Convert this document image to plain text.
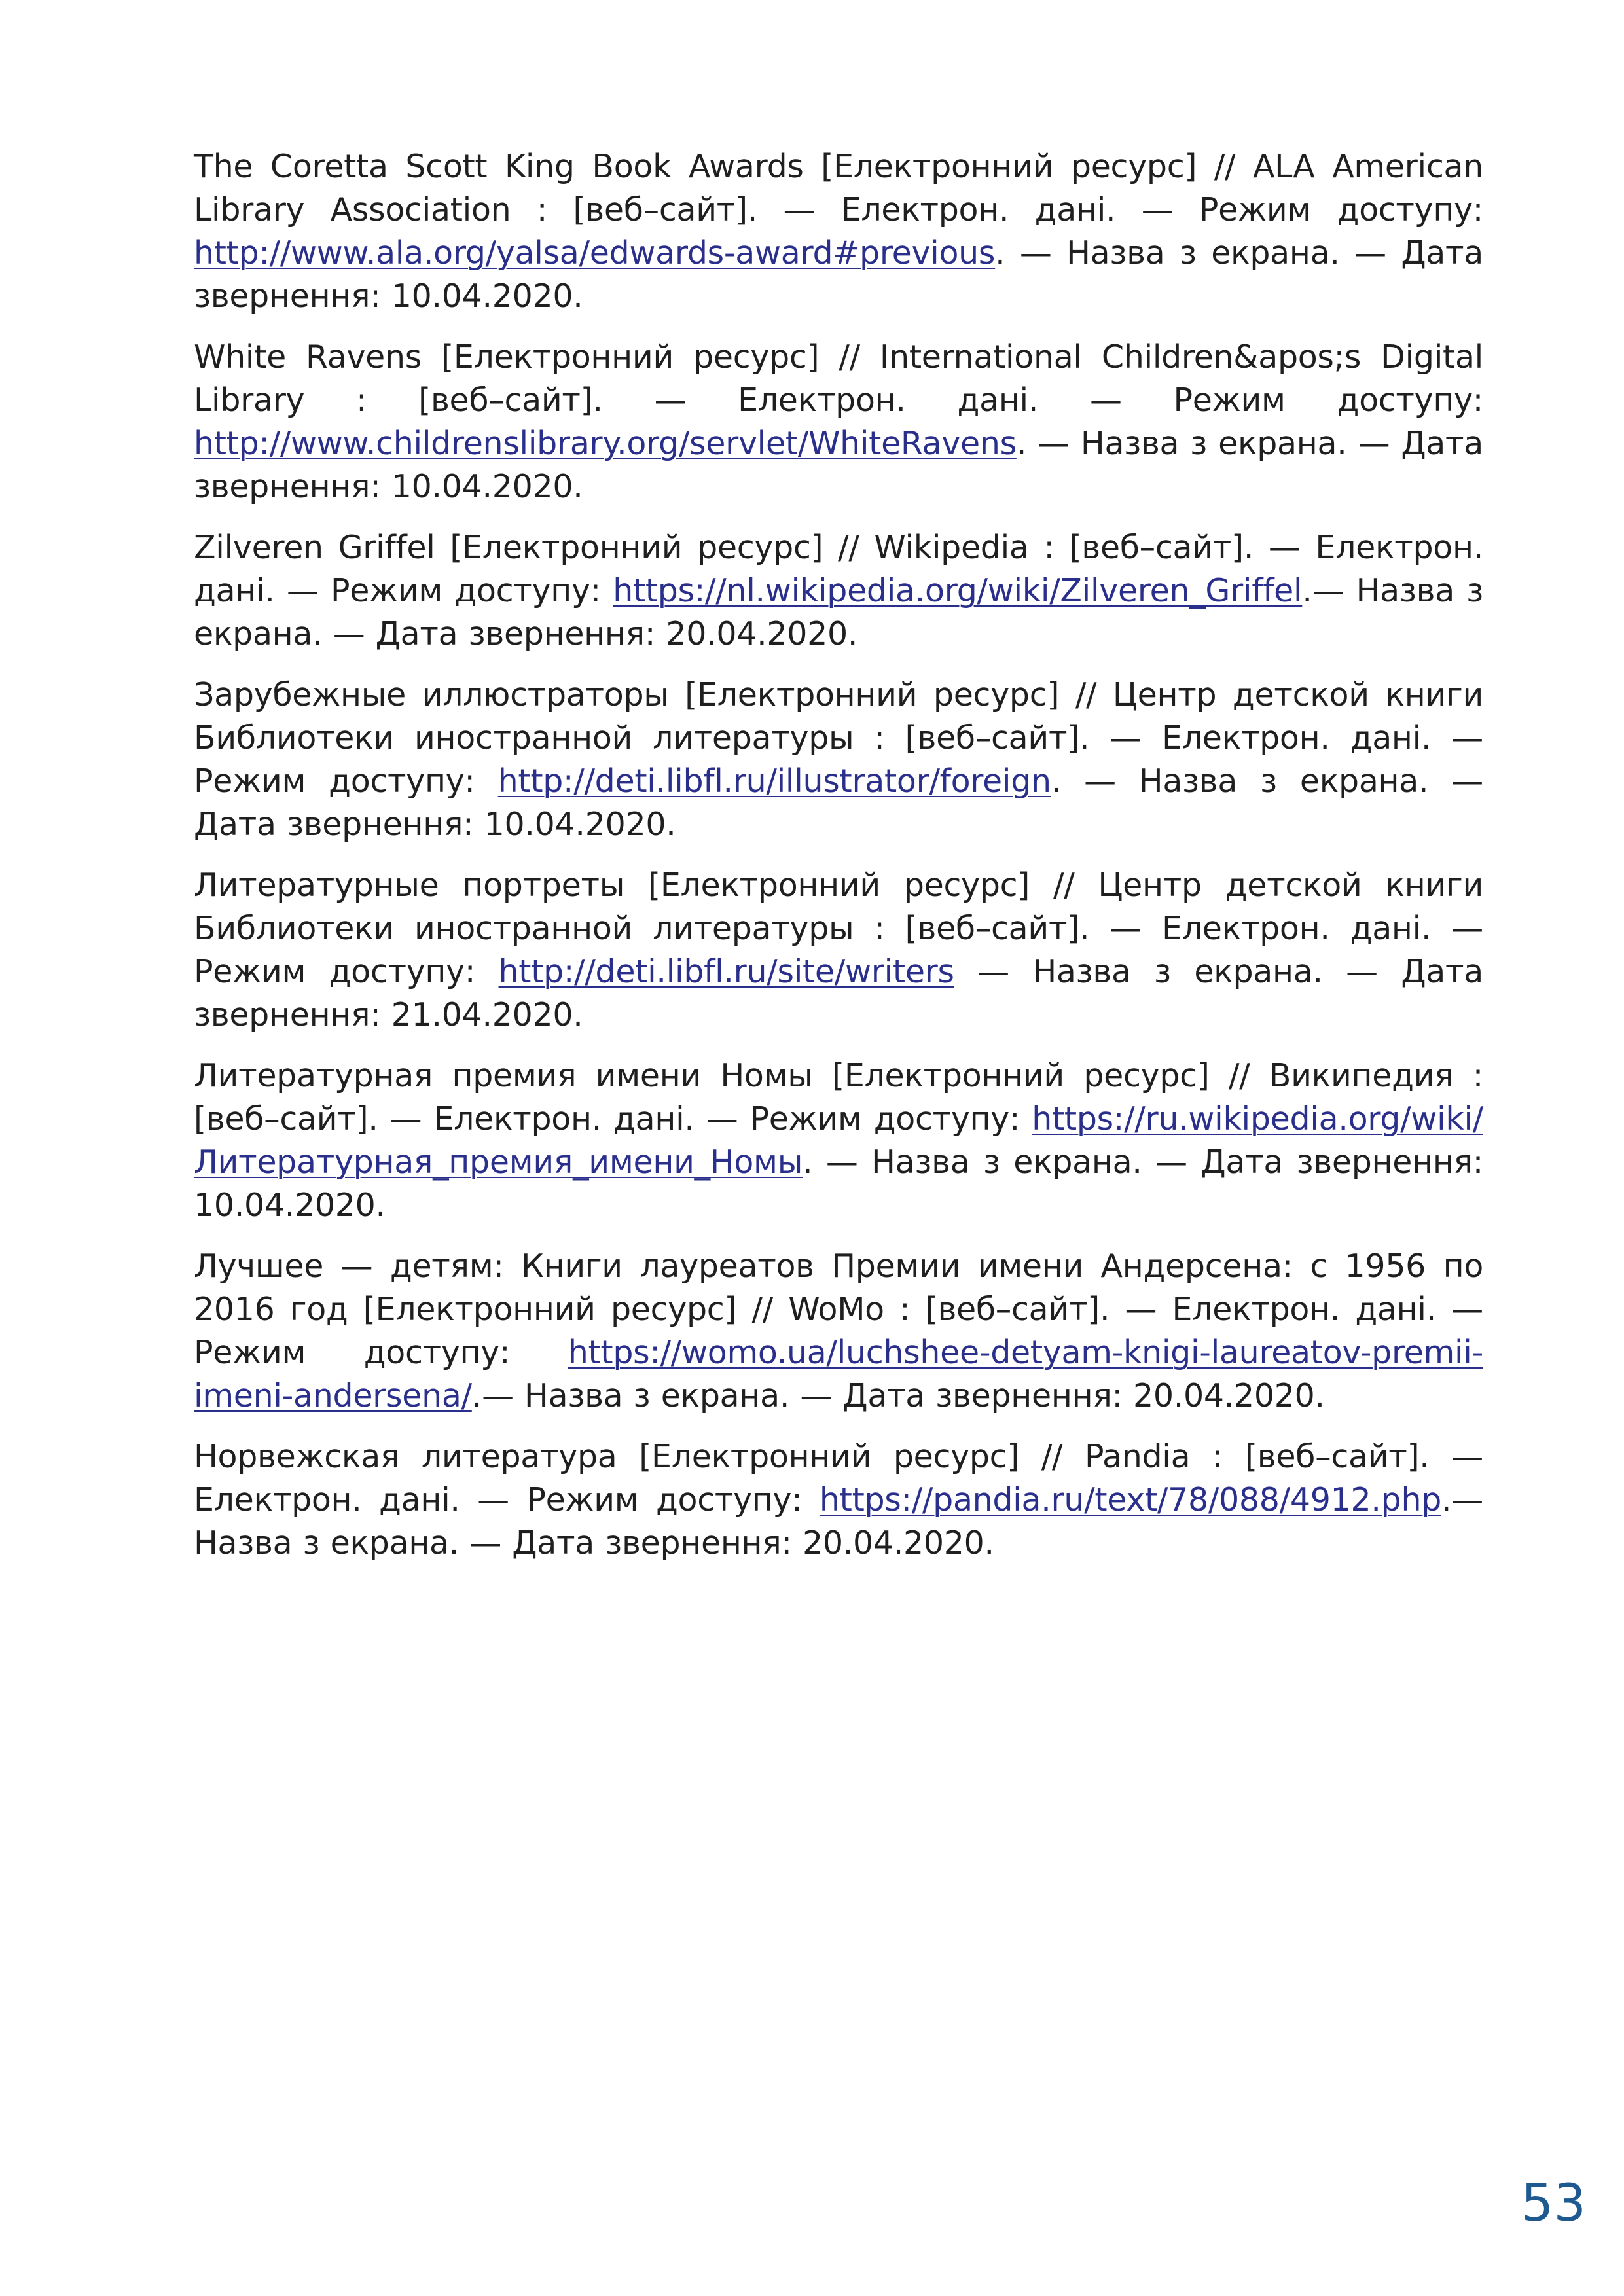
The Coretta Scott King Book Awards [Електронний ресурс] // ALA American Library Association : [веб–сайт]. — Електрон. дані. — Режим доступу: http://www.ala.org/yalsa/edwards-award#previous. — Назва з екрана. — Дата звернення: 10.04.2020.

White Ravens [Електронний ресурс] // International Children&apos;s Digital Library : [веб–сайт]. — Електрон. дані. — Режим доступу: http://www.childrenslibrary.org/servlet/WhiteRavens. — Назва з екрана. — Дата звернення: 10.04.2020.

Zilveren Griffel [Електронний ресурс] // Wikipedia : [веб–сайт]. — Електрон. дані. — Режим доступу: https://nl.wikipedia.org/wiki/Zilveren_Griffel.— Назва з екрана. — Дата звернення: 20.04.2020.

Зарубежные иллюстраторы [Електронний ресурс] // Центр детской книги Библиотеки иностранной литературы : [веб–сайт]. — Електрон. дані. — Режим доступу: http://deti.libfl.ru/illustrator/foreign. — Назва з екрана. — Дата звернення: 10.04.2020.

Литературные портреты [Електронний ресурс] // Центр детской книги Библиотеки иностранной литературы : [веб–сайт]. — Електрон. дані. — Режим доступу: http://deti.libfl.ru/site/writers — Назва з екрана. — Дата звернення: 21.04.2020.

Литературная премия имени Номы [Електронний ресурс] // Википедия : [веб–сайт]. — Електрон. дані. — Режим доступу: https://ru.wikipedia.org/wiki/Литературная_премия_имени_Номы. — Назва з екрана. — Дата звернення: 10.04.2020.

Лучшее — детям: Книги лауреатов Премии имени Андерсена: с 1956 по 2016 год [Електронний ресурс] // WoMo : [веб–сайт]. — Електрон. дані. — Режим доступу: https://womo.ua/luchshee-detyam-knigi-laureatov-premii-imeni-andersena/.— Назва з екрана. — Дата звернення: 20.04.2020.

Норвежская литература [Електронний ресурс] // Pandia : [веб–сайт]. — Електрон. дані. — Режим доступу: https://pandia.ru/text/78/088/4912.php.— Назва з екрана. — Дата звернення: 20.04.2020.

53
